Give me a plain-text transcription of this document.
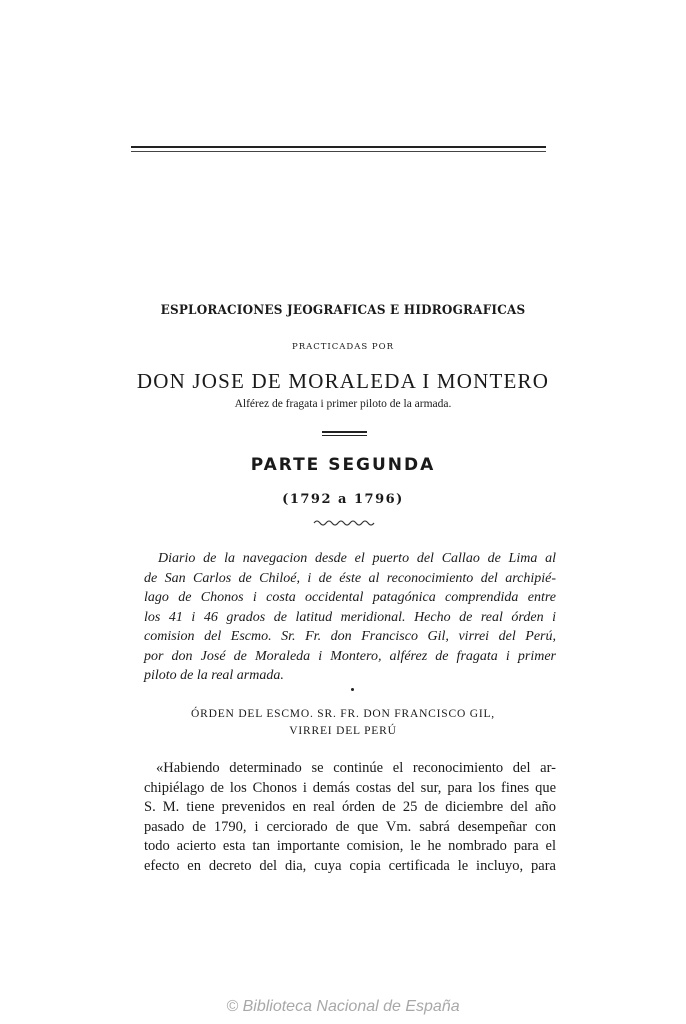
ESPLORACIONES JEOGRAFICAS E HIDROGRAFICAS
PRACTICADAS POR
DON JOSE DE MORALEDA I MONTERO
Alférez de fragata i primer piloto de la armada.
PARTE SEGUNDA
(1792 a 1796)
Diario de la navegacion desde el puerto del Callao de Lima al
de San Carlos de Chiloé, i de éste al reconocimiento del archipié-
lago de Chonos i costa occidental patagónica comprendida entre
los 41 i 46 grados de latitud meridional. Hecho de real órden i
comision del Escmo. Sr. Fr. don Francisco Gil, virrei del Perú,
por don José de Moraleda i Montero, alférez de fragata i primer
piloto de la real armada.
ÓRDEN DEL ESCMO. SR. FR. DON FRANCISCO GIL,
VIRREI DEL PERÚ
«Habiendo determinado se continúe el reconocimiento del ar-
chipiélago de los Chonos i demás costas del sur, para los fines que
S. M. tiene prevenidos en real órden de 25 de diciembre del año
pasado de 1790, i cerciorado de que Vm. sabrá desempeñar con
todo acierto esta tan importante comision, le he nombrado para el
efecto en decreto del dia, cuya copia certificada le incluyo, para
© Biblioteca Nacional de España
